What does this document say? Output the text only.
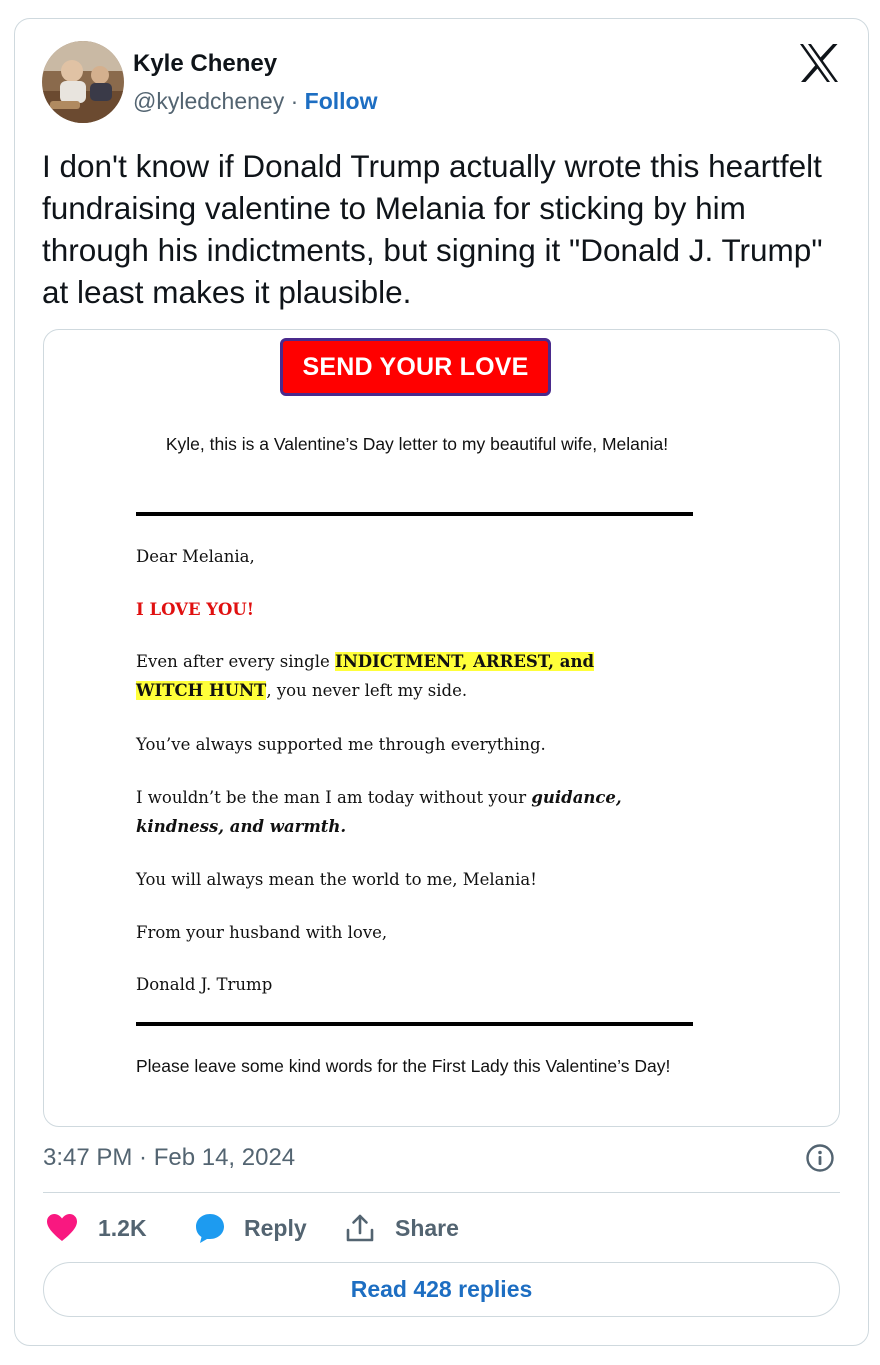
Kyle Cheney
@kyledcheney · Follow
I don't know if Donald Trump actually wrote this heartfelt fundraising valentine to Melania for sticking by him through his indictments, but signing it "Donald J. Trump" at least makes it plausible.
SEND YOUR LOVE
Kyle, this is a Valentine’s Day letter to my beautiful wife, Melania!
Dear Melania,
I LOVE YOU!
Even after every single INDICTMENT, ARREST, and
WITCH HUNT, you never left my side.
You’ve always supported me through everything.
I wouldn’t be the man I am today without your guidance, kindness, and warmth.
You will always mean the world to me, Melania!
From your husband with love,
Donald J. Trump
Please leave some kind words for the First Lady this Valentine’s Day!
3:47 PM · Feb 14, 2024
1.2K	Reply	Share
Read 428 replies
